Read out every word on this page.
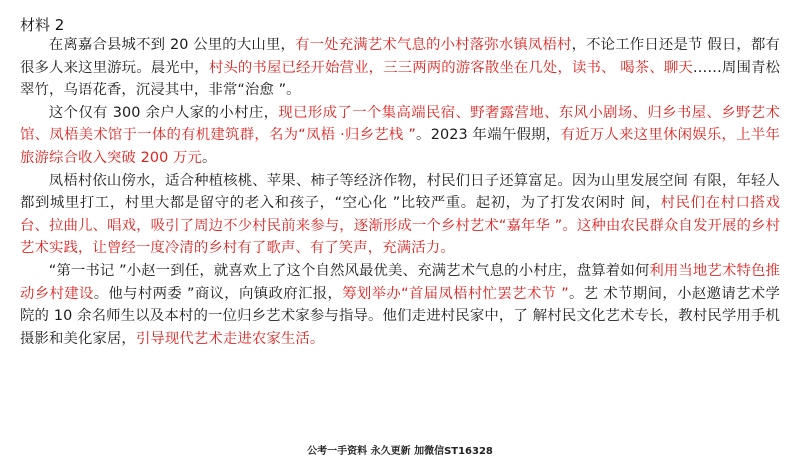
材料 2

在离嘉合县城不到 20 公里的大山里，有一处充满艺术气息的小村落弥水镇凤梧村，不论工作日还是节 假日，都有很多人来这里游玩。晨光中，村头的书屋已经开始营业，三三两两的游客散坐在几处，读书、 喝茶、聊天……周围青松翠竹，乌语花香，沉浸其中，非常“治愈 ”。

这个仅有 300 余户人家的小村庄，现已形成了一个集高端民宿、野奢露营地、东风小剧场、归乡书屋、乡野艺术馆、凤梧美术馆于一体的有机建筑群，名为“凤梧 ·归乡艺栈 ”。2023 年端午假期，有近万人来这里休闲娱乐，上半年旅游综合收入突破 200 万元。

凤梧村依山傍水，适合种植核桃、苹果、柿子等经济作物，村民们日子还算富足。因为山里发展空间 有限，年轻人都到城里打工，村里大都是留守的老入和孩子，“空心化 ”比较严重。起初，为了打发农闲时 间，村民们在村口搭戏台、拉曲儿、唱戏，吸引了周边不少村民前来参与，逐渐形成一个乡村艺术“嘉年华 ”。这种由农民群众自发开展的乡村艺术实践，让曾经一度冷清的乡村有了歌声、有了笑声，充满活力。

“第一书记 ”小赵一到任，就喜欢上了这个自然风最优美、充满艺术气息的小村庄，盘算着如何利用当地艺术特色推动乡村建设。他与村两委 ”商议，向镇政府汇报，筹划举办“首届凤梧村忙罢艺术节 ”。艺 术节期间，小赵邀请艺术学院的 10 余名师生以及本村的一位归乡艺术家参与指导。他们走进村民家中，了 解村民文化艺术专长，教村民学用手机摄影和美化家居，引导现代艺术走进农家生活。

公考一手资料 永久更新 加微信ST16328
